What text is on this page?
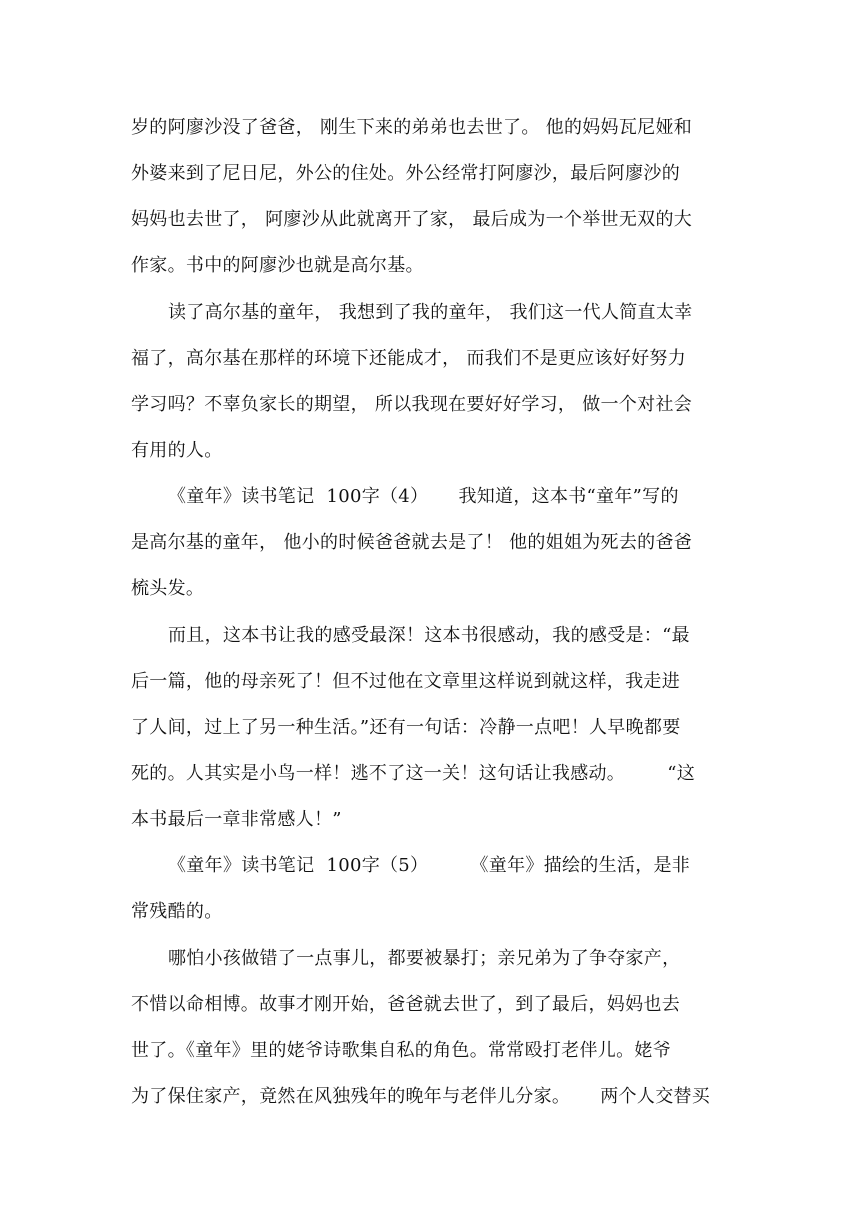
岁的阿廖沙没了爸爸， 刚生下来的弟弟也去世了。 他的妈妈瓦尼娅和
外婆来到了尼日尼，外公的住处。外公经常打阿廖沙，最后阿廖沙的
妈妈也去世了， 阿廖沙从此就离开了家， 最后成为一个举世无双的大
作家。书中的阿廖沙也就是高尔基。
读了高尔基的童年， 我想到了我的童年， 我们这一代人简直太幸
福了，高尔基在那样的环境下还能成才， 而我们不是更应该好好努力
学习吗？不辜负家长的期望， 所以我现在要好好学习， 做一个对社会
有用的人。
《童年》读书笔记  100字（4）     我知道，这本书“童年”写的
是高尔基的童年， 他小的时候爸爸就去是了！ 他的姐姐为死去的爸爸
梳头发。
而且，这本书让我的感受最深！这本书很感动，我的感受是：“最
后一篇，他的母亲死了！但不过他在文章里这样说到就这样，我走进
了人间，过上了另一种生活。”还有一句话：冷静一点吧！人早晚都要
死的。人其实是小鸟一样！逃不了这一关！这句话让我感动。       “这
本书最后一章非常感人！”
《童年》读书笔记  100字（5）       《童年》描绘的生活，是非
常残酷的。
哪怕小孩做错了一点事儿，都要被暴打；亲兄弟为了争夺家产，
不惜以命相博。故事才刚开始，爸爸就去世了，到了最后，妈妈也去
世了。《童年》里的姥爷诗歌集自私的角色。常常殴打老伴儿。姥爷
为了保住家产，竟然在风独残年的晚年与老伴儿分家。     两个人交替买
